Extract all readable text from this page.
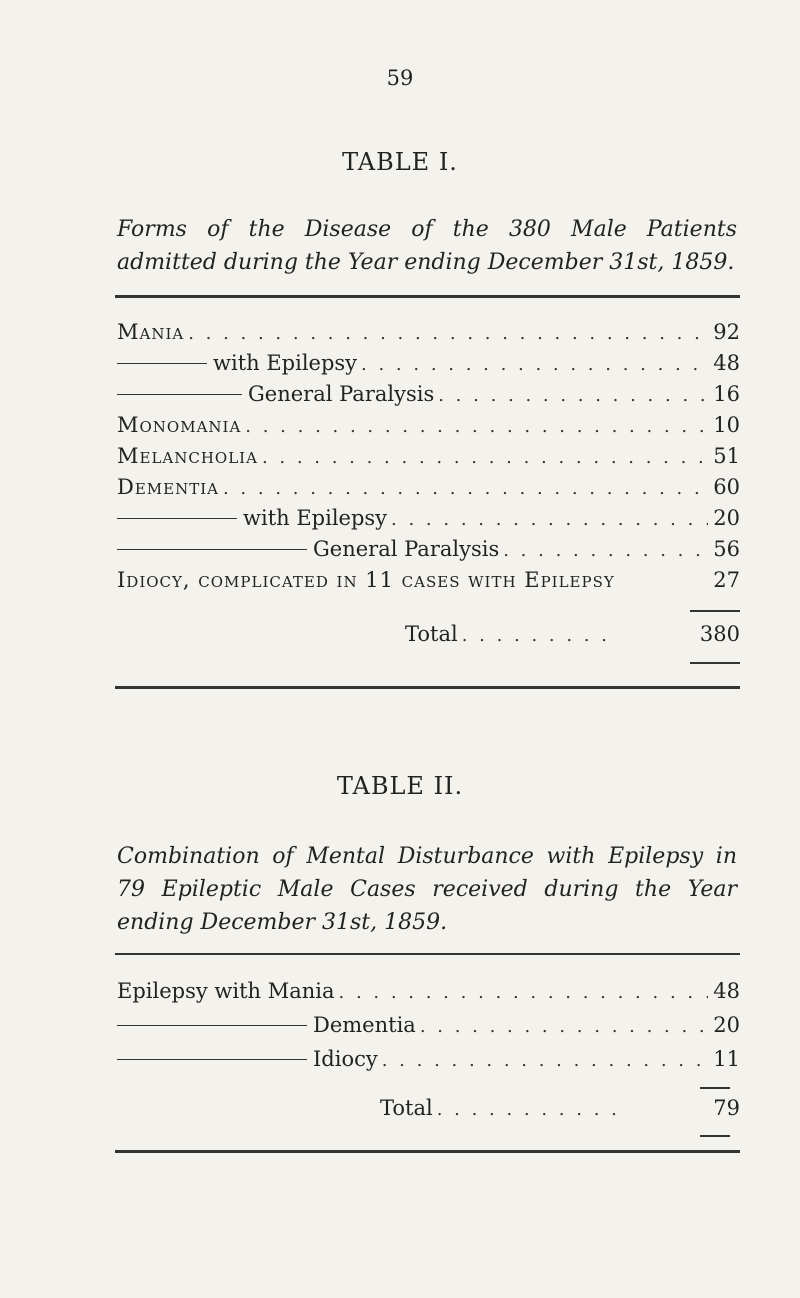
59
TABLE I.
Forms of the Disease of the 380 Male Patients admitted during the Year ending December 31st, 1859.
Mania . . .	92
with Epilepsy . . .	48
General Paralysis . . .	16
Monomania . . .	10
Melancholia . . .	51
Dementia . . .	60
with Epilepsy . . .	20
General Paralysis . . .	56
Idiocy, complicated in 11 cases with Epilepsy	27
Total . . .	380
TABLE II.
Combination of Mental Disturbance with Epilepsy in 79 Epileptic Male Cases received during the Year ending December 31st, 1859.
Epilepsy with Mania . . .	48
Dementia . . .	20
Idiocy . . .	11
Total . . .	79
